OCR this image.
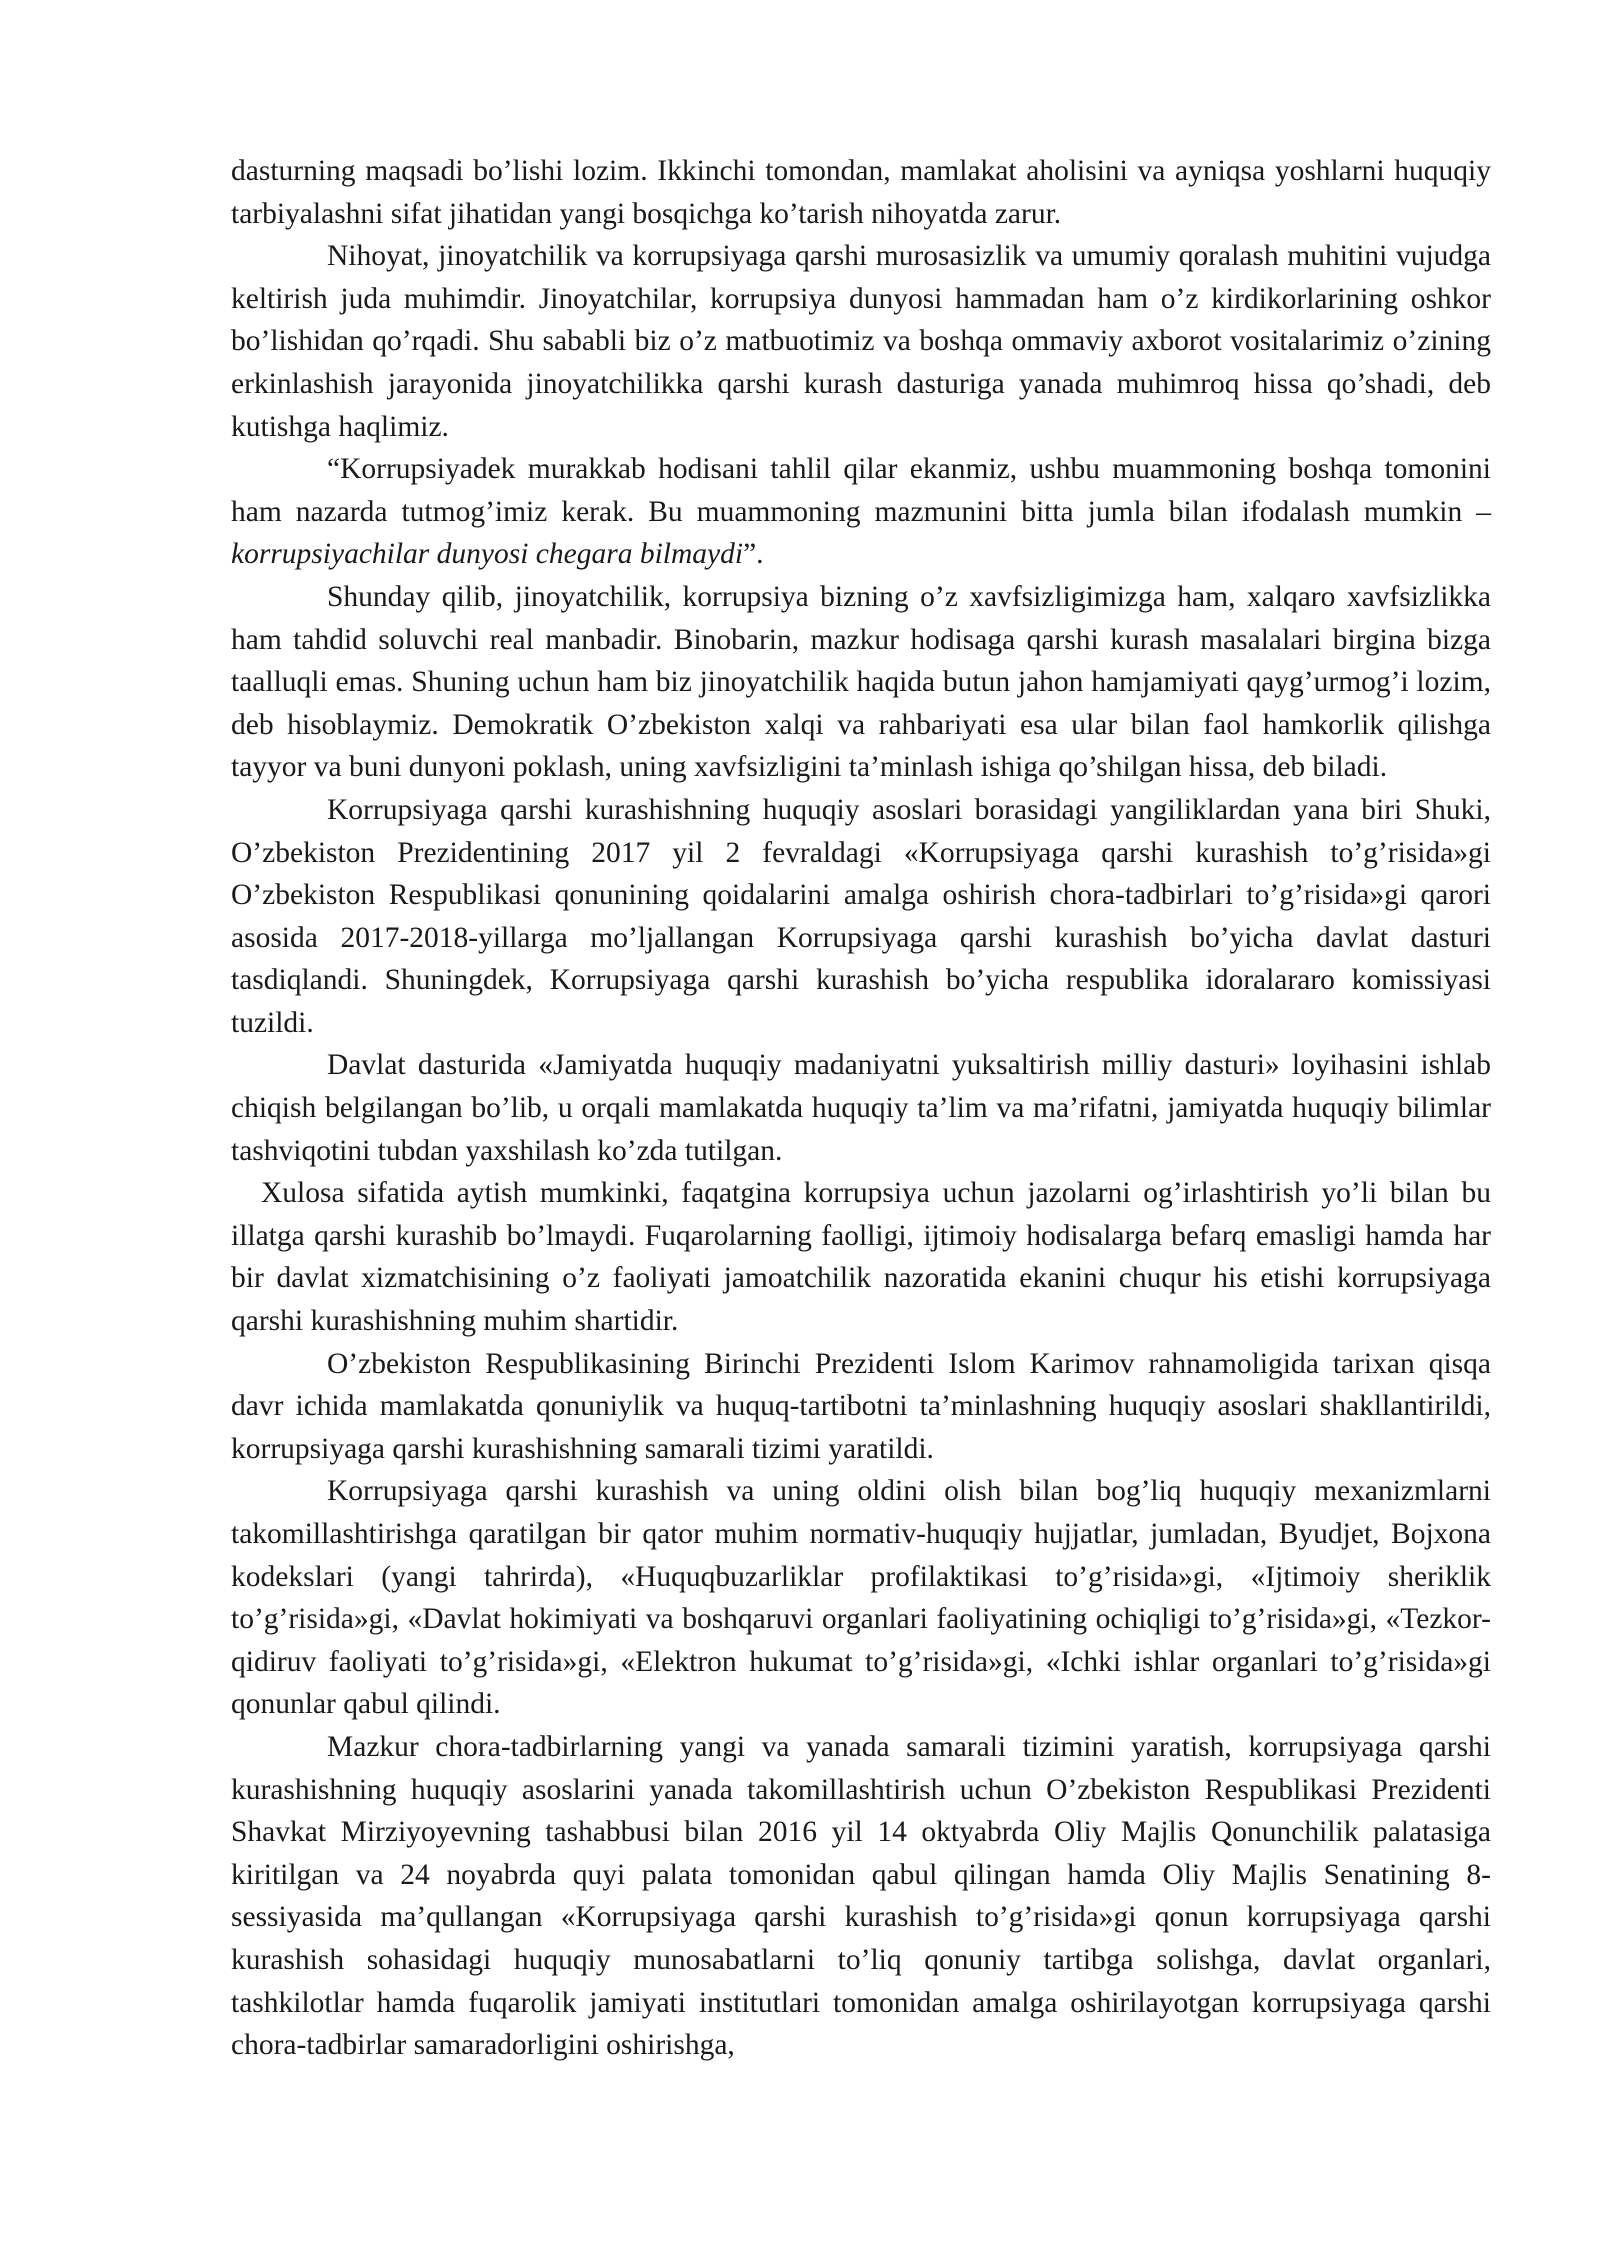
dasturning maqsadi bo’lishi lozim. Ikkinchi tomondan, mamlakat aholisini va ayniqsa yoshlarni huquqiy tarbiyalashni sifat jihatidan yangi bosqichga ko’tarish nihoyatda zarur.

Nihoyat, jinoyatchilik va korrupsiyaga qarshi murosasizlik va umumiy qoralash muhitini vujudga keltirish juda muhimdir. Jinoyatchilar, korrupsiya dunyosi hammadan ham o’z kirdikorlarining oshkor bo’lishidan qo’rqadi. Shu sababli biz o’z matbuotimiz va boshqa ommaviy axborot vositalarimiz o’zining erkinlashish jarayonida jinoyatchilikka qarshi kurash dasturiga yanada muhimroq hissa qo’shadi, deb kutishga haqlimiz.

“Korrupsiyadek murakkab hodisani tahlil qilar ekanmiz, ushbu muammoning boshqa tomonini ham nazarda tutmog’imiz kerak. Bu muammoning mazmunini bitta jumla bilan ifodalash mumkin – korrupsiyachilar dunyosi chegara bilmaydi”.

Shunday qilib, jinoyatchilik, korrupsiya bizning o’z xavfsizligimizga ham, xalqaro xavfsizlikka ham tahdid soluvchi real manbadir. Binobarin, mazkur hodisaga qarshi kurash masalalari birgina bizga taalluqli emas. Shuning uchun ham biz jinoyatchilik haqida butun jahon hamjamiyati qayg’urmog’i lozim, deb hisoblaymiz. Demokratik O’zbekiston xalqi va rahbariyati esa ular bilan faol hamkorlik qilishga tayyor va buni dunyoni poklash, uning xavfsizligini ta’minlash ishiga qo’shilgan hissa, deb biladi.

Korrupsiyaga qarshi kurashishning huquqiy asoslari borasidagi yangiliklardan yana biri Shuki, O’zbekiston Prezidentining 2017 yil 2 fevraldagi «Korrupsiyaga qarshi kurashish to’g’risida»gi O’zbekiston Respublikasi qonunining qoidalarini amalga oshirish chora-tadbirlari to’g’risida»gi qarori asosida 2017-2018-yillarga mo’ljallangan Korrupsiyaga qarshi kurashish bo’yicha davlat dasturi tasdiqlandi. Shuningdek, Korrupsiyaga qarshi kurashish bo’yicha respublika idoralararo komissiyasi tuzildi.

Davlat dasturida «Jamiyatda huquqiy madaniyatni yuksaltirish milliy dasturi» loyihasini ishlab chiqish belgilangan bo’lib, u orqali mamlakatda huquqiy ta’lim va ma’rifatni, jamiyatda huquqiy bilimlar tashviqotini tubdan yaxshilash ko’zda tutilgan.

Xulosa sifatida aytish mumkinki, faqatgina korrupsiya uchun jazolarni og’irlashtirish yo’li bilan bu illatga qarshi kurashib bo’lmaydi. Fuqarolarning faolligi, ijtimoiy hodisalarga befarq emasligi hamda har bir davlat xizmatchisining o’z faoliyati jamoatchilik nazoratida ekanini chuqur his etishi korrupsiyaga qarshi kurashishning muhim shartidir.

O’zbekiston Respublikasining Birinchi Prezidenti Islom Karimov rahnamoligida tarixan qisqa davr ichida mamlakatda qonuniylik va huquq-tartibotni ta’minlashning huquqiy asoslari shakllantirildi, korrupsiyaga qarshi kurashishning samarali tizimi yaratildi.

Korrupsiyaga qarshi kurashish va uning oldini olish bilan bog’liq huquqiy mexanizmlarni takomillashtirishga qaratilgan bir qator muhim normativ-huquqiy hujjatlar, jumladan, Byudjet, Bojxona kodekslari (yangi tahrirda), «Huquqbuzarliklar profilaktikasi to’g’risida»gi, «Ijtimoiy sheriklik to’g’risida»gi, «Davlat hokimiyati va boshqaruvi organlari faoliyatining ochiqligi to’g’risida»gi, «Tezkor-qidiruv faoliyati to’g’risida»gi, «Elektron hukumat to’g’risida»gi, «Ichki ishlar organlari to’g’risida»gi qonunlar qabul qilindi.

Mazkur chora-tadbirlarning yangi va yanada samarali tizimini yaratish, korrupsiyaga qarshi kurashishning huquqiy asoslarini yanada takomillashtirish uchun O’zbekiston Respublikasi Prezidenti Shavkat Mirziyoyevning tashabbusi bilan 2016 yil 14 oktyabrda Oliy Majlis Qonunchilik palatasiga kiritilgan va 24 noyabrda quyi palata tomonidan qabul qilingan hamda Oliy Majlis Senatining 8-sessiyasida ma’qullangan «Korrupsiyaga qarshi kurashish to’g’risida»gi qonun korrupsiyaga qarshi kurashish sohasidagi huquqiy munosabatlarni to’liq qonuniy tartibga solishga, davlat organlari, tashkilotlar hamda fuqarolik jamiyati institutlari tomonidan amalga oshirilayotgan korrupsiyaga qarshi chora-tadbirlar samaradorligini oshirishga,
